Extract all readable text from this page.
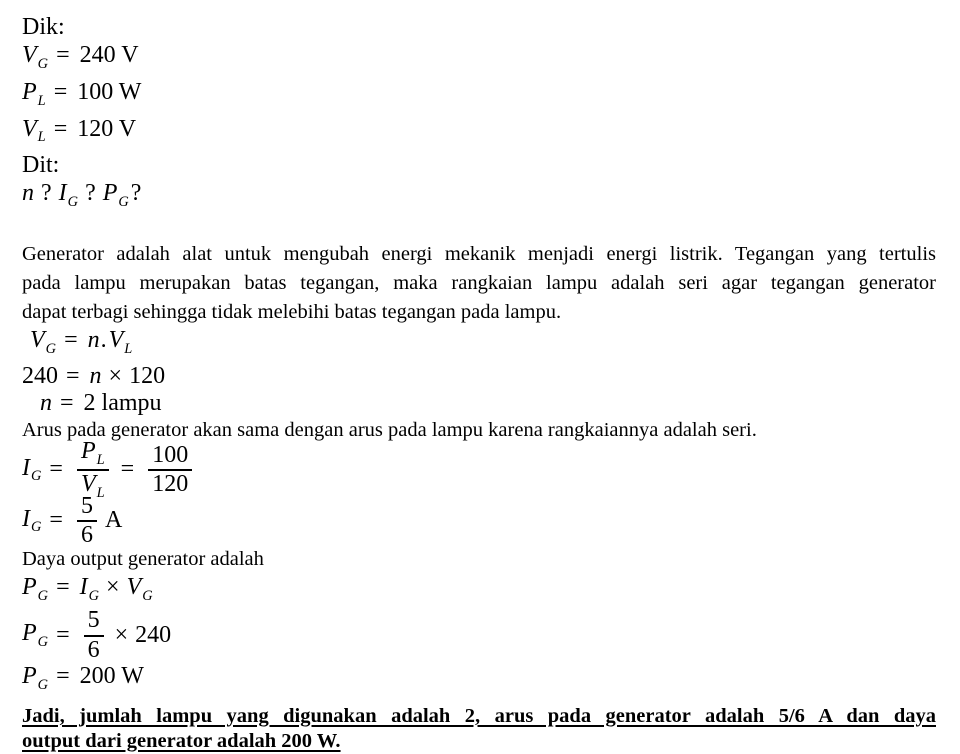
Dik:
$V_G = 240$ V
$P_L = 100$ W
$V_L = 120$ V
Dit:
n ? $I_G$ ? $P_G$?
Generator adalah alat untuk mengubah energi mekanik menjadi energi listrik. Tegangan yang tertulis
pada lampu merupakan batas tegangan, maka rangkaian lampu adalah seri agar tegangan generator
dapat terbagi sehingga tidak melebihi batas tegangan pada lampu.
$V_G = n.V_L$
240 = n × 120
n = 2 lampu
Arus pada generator akan sama dengan arus pada lampu karena rangkaiannya adalah seri.
$I_G = \frac{P_L}{V_L} = \frac{100}{120}$
$I_G = \frac{5}{6}$ A
Daya output generator adalah
$P_G = I_G \times V_G$
$P_G = \frac{5}{6} \times 240$
$P_G = 200$ W
Jadi, jumlah lampu yang digunakan adalah 2, arus pada generator adalah 5/6 A dan daya
output dari generator adalah 200 W.
